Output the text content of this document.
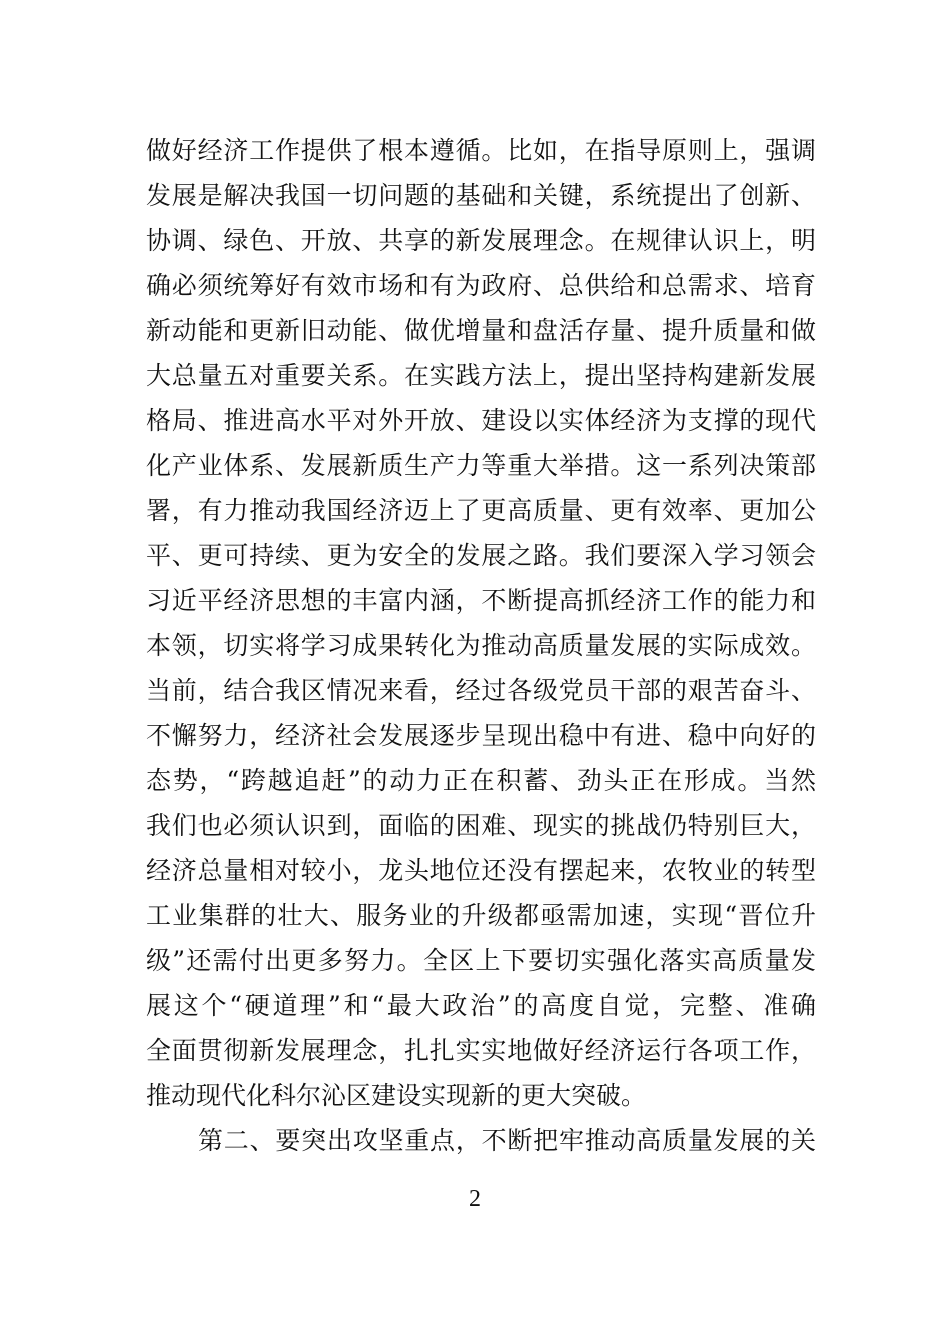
做好经济工作提供了根本遵循。比如，在指导原则上，强调
发展是解决我国一切问题的基础和关键，系统提出了创新、
协调、绿色、开放、共享的新发展理念。在规律认识上，明
确必须统筹好有效市场和有为政府、总供给和总需求、培育
新动能和更新旧动能、做优增量和盘活存量、提升质量和做
大总量五对重要关系。在实践方法上，提出坚持构建新发展
格局、推进高水平对外开放、建设以实体经济为支撑的现代
化产业体系、发展新质生产力等重大举措。这一系列决策部
署，有力推动我国经济迈上了更高质量、更有效率、更加公
平、更可持续、更为安全的发展之路。我们要深入学习领会
习近平经济思想的丰富内涵，不断提高抓经济工作的能力和
本领，切实将学习成果转化为推动高质量发展的实际成效。
当前，结合我区情况来看，经过各级党员干部的艰苦奋斗、
不懈努力，经济社会发展逐步呈现出稳中有进、稳中向好的
态势，“跨越追赶”的动力正在积蓄、劲头正在形成。当然
我们也必须认识到，面临的困难、现实的挑战仍特别巨大，
经济总量相对较小，龙头地位还没有摆起来，农牧业的转型
工业集群的壮大、服务业的升级都亟需加速，实现“晋位升
级”还需付出更多努力。全区上下要切实强化落实高质量发
展这个“硬道理”和“最大政治”的高度自觉，完整、准确
全面贯彻新发展理念，扎扎实实地做好经济运行各项工作，
推动现代化科尔沁区建设实现新的更大突破。
第二、要突出攻坚重点，不断把牢推动高质量发展的关
2
